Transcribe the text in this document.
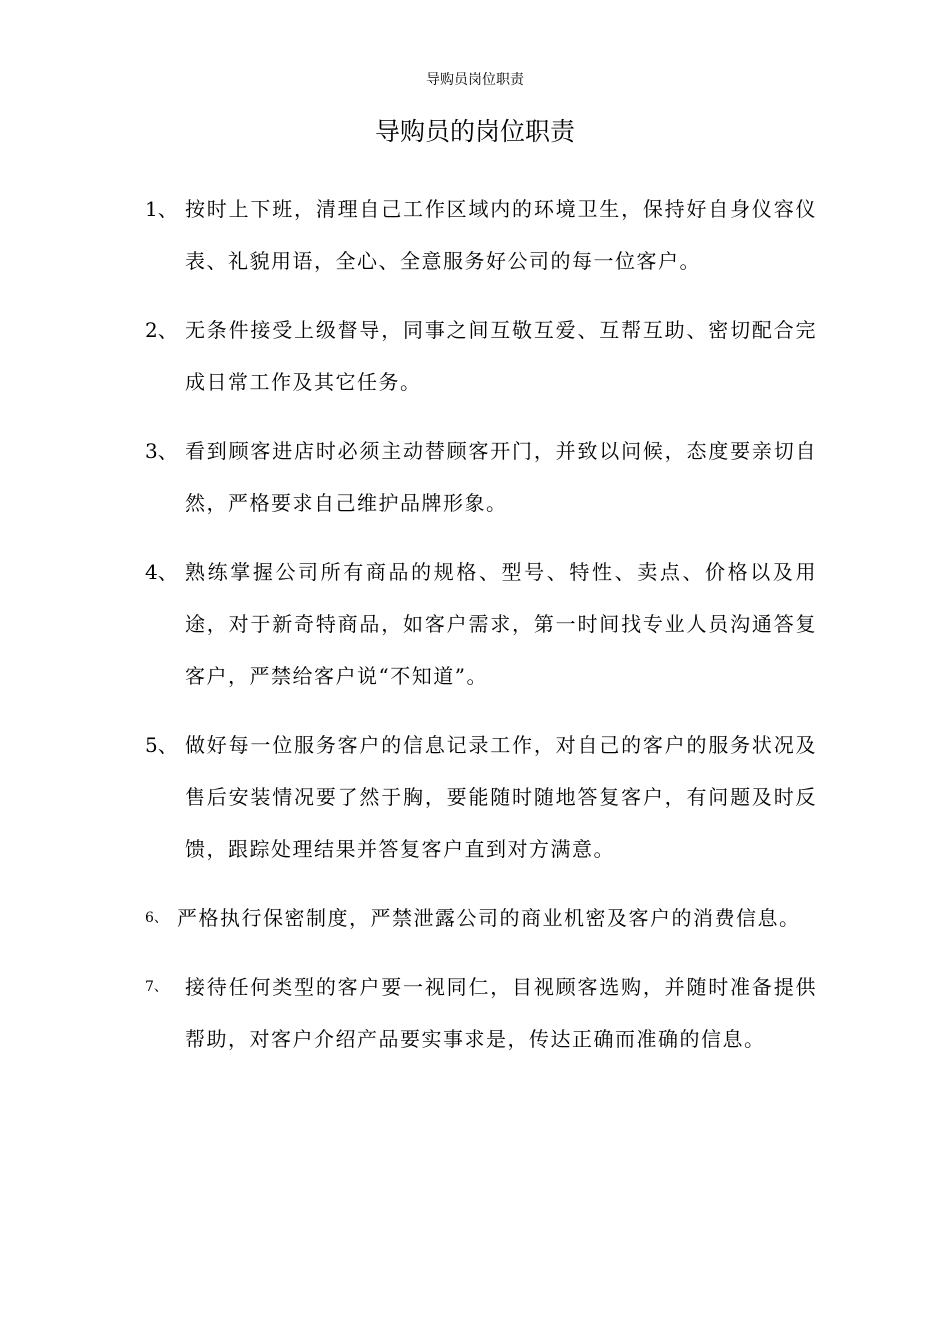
导购员岗位职责
导购员的岗位职责
1、 按时上下班，清理自己工作区域内的环境卫生，保持好自身仪容仪表、礼貌用语，全心、全意服务好公司的每一位客户。
2、 无条件接受上级督导，同事之间互敬互爱、互帮互助、密切配合完成日常工作及其它任务。
3、 看到顾客进店时必须主动替顾客开门，并致以问候，态度要亲切自然，严格要求自己维护品牌形象。
4、 熟练掌握公司所有商品的规格、型号、特性、卖点、价格以及用途，对于新奇特商品，如客户需求，第一时间找专业人员沟通答复客户，严禁给客户说“不知道”。
5、 做好每一位服务客户的信息记录工作，对自己的客户的服务状况及售后安装情况要了然于胸，要能随时随地答复客户，有问题及时反馈，跟踪处理结果并答复客户直到对方满意。
6、 严格执行保密制度，严禁泄露公司的商业机密及客户的消费信息。
7、 接待任何类型的客户要一视同仁，目视顾客选购，并随时准备提供帮助，对客户介绍产品要实事求是，传达正确而准确的信息。
